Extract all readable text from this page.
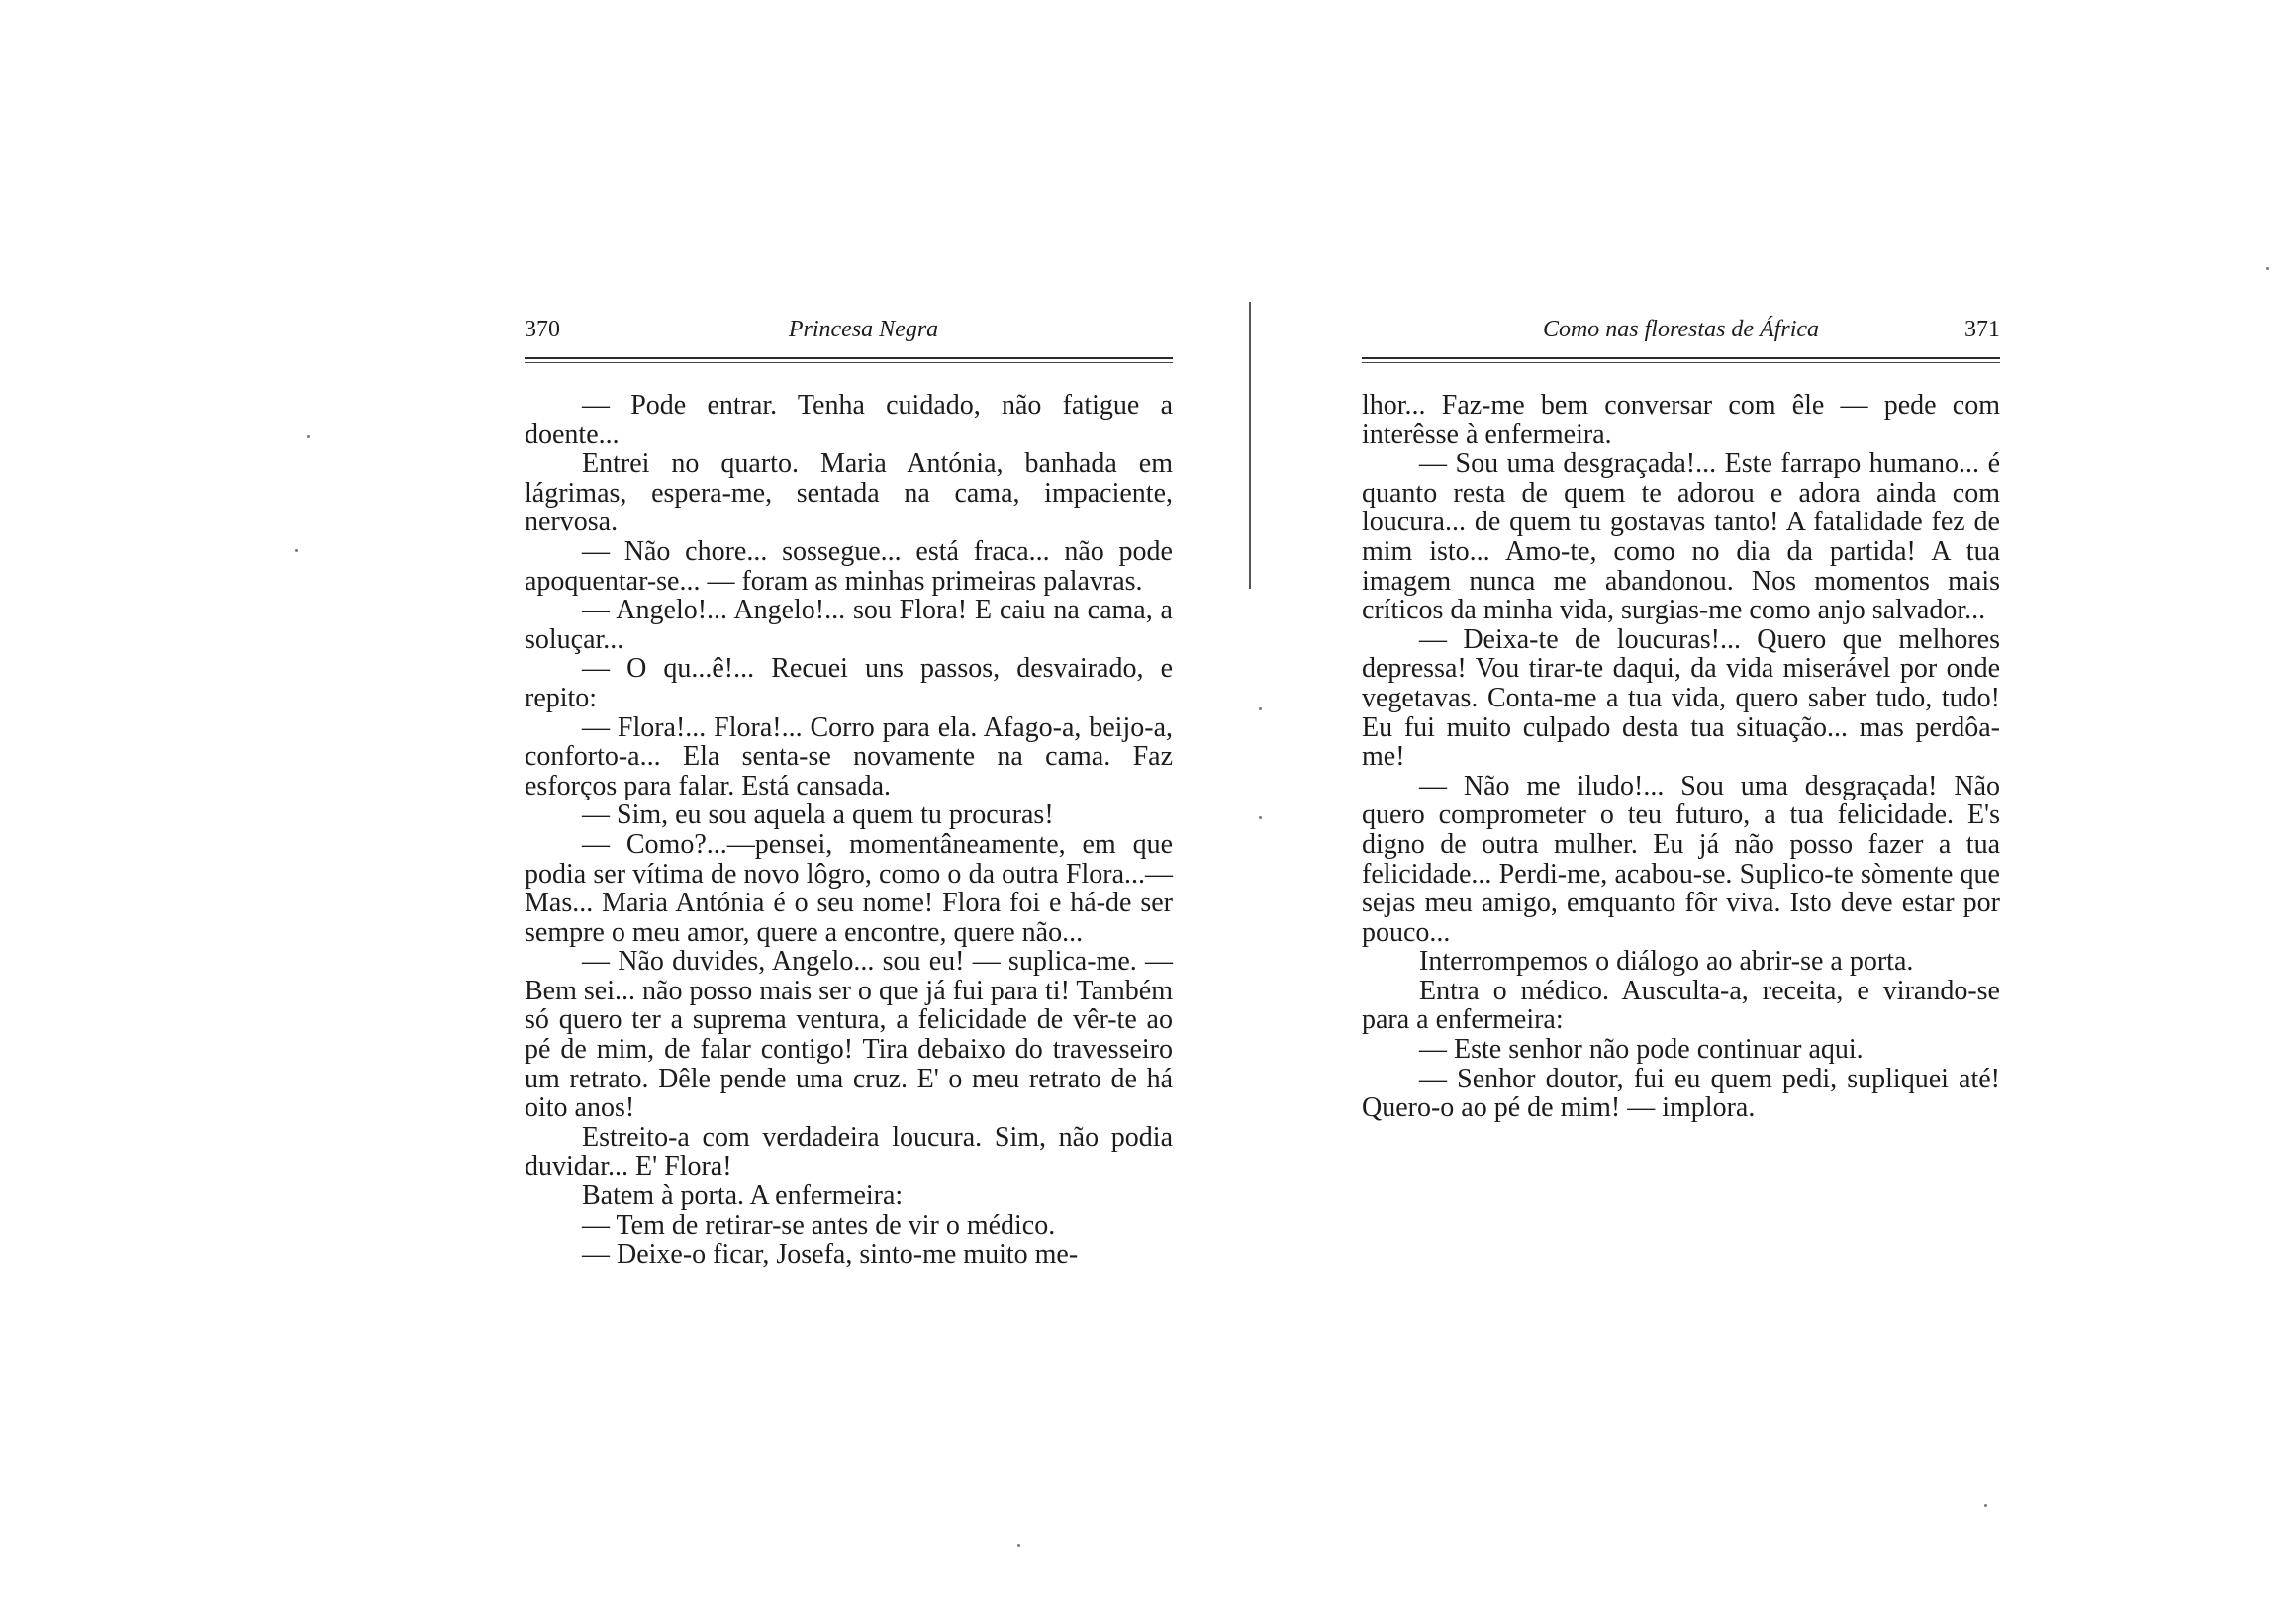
370	Princesa Negra

— Pode entrar. Tenha cuidado, não fatigue a doente...

Entrei no quarto. Maria Antónia, banhada em lágrimas, espera-me, sentada na cama, impaciente, nervosa.

— Não chore... sossegue... está fraca... não pode apoquentar-se... — foram as minhas primeiras palavras.

— Angelo!... Angelo!... sou Flora! E caiu na cama, a soluçar...

— O qu...ê!... Recuei uns passos, desvairado, e repito:

— Flora!... Flora!... Corro para ela. Afago-a, beijo-a, conforto-a... Ela senta-se novamente na cama. Faz esforços para falar. Está cansada.

— Sim, eu sou aquela a quem tu procuras!

— Como?...—pensei, momentâneamente, em que podia ser vítima de novo lôgro, como o da outra Flora...—Mas... Maria Antónia é o seu nome! Flora foi e há-de ser sempre o meu amor, quere a encontre, quere não...

— Não duvides, Angelo... sou eu! — suplica-me. — Bem sei... não posso mais ser o que já fui para ti! Também só quero ter a suprema ventura, a felicidade de vêr-te ao pé de mim, de falar contigo! Tira debaixo do travesseiro um retrato. Dêle pende uma cruz. E' o meu retrato de há oito anos!

Estreito-a com verdadeira loucura. Sim, não podia duvidar... E' Flora!

Batem à porta. A enfermeira:

— Tem de retirar-se antes de vir o médico.

— Deixe-o ficar, Josefa, sinto-me muito me-

Como nas florestas de África	371

lhor... Faz-me bem conversar com êle — pede com interêsse à enfermeira.

— Sou uma desgraçada!... Este farrapo humano... é quanto resta de quem te adorou e adora ainda com loucura... de quem tu gostavas tanto! A fatalidade fez de mim isto... Amo-te, como no dia da partida! A tua imagem nunca me abandonou. Nos momentos mais críticos da minha vida, surgias-me como anjo salvador...

— Deixa-te de loucuras!... Quero que melhores depressa! Vou tirar-te daqui, da vida miserável por onde vegetavas. Conta-me a tua vida, quero saber tudo, tudo! Eu fui muito culpado desta tua situação... mas perdôa-me!

— Não me iludo!... Sou uma desgraçada! Não quero comprometer o teu futuro, a tua felicidade. E's digno de outra mulher. Eu já não posso fazer a tua felicidade... Perdi-me, acabou-se. Suplico-te sòmente que sejas meu amigo, emquanto fôr viva. Isto deve estar por pouco...

Interrompemos o diálogo ao abrir-se a porta.

Entra o médico. Ausculta-a, receita, e virando-se para a enfermeira:

— Este senhor não pode continuar aqui.

— Senhor doutor, fui eu quem pedi, supliquei até! Quero-o ao pé de mim! — implora.
